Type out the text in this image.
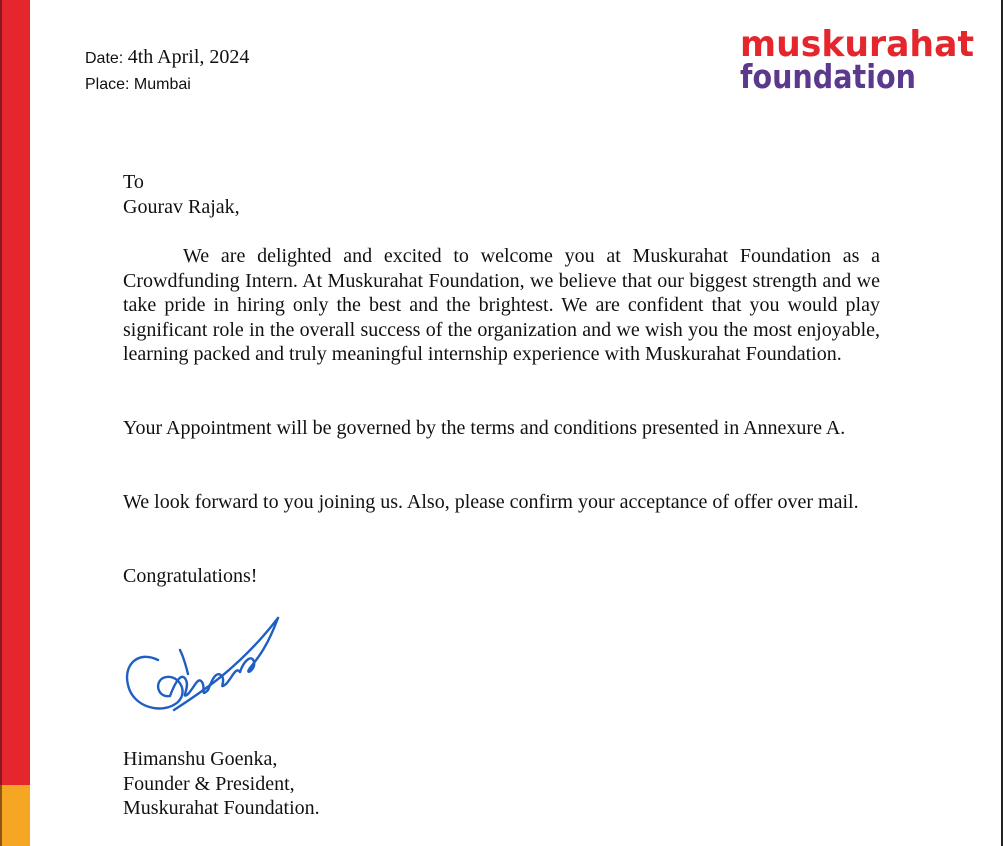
Date: 4th April, 2024
Place: Mumbai
muskurahat
foundation
To
Gourav Rajak,
We are delighted and excited to welcome you at Muskurahat Foundation as a Crowdfunding Intern. At Muskurahat Foundation, we believe that our biggest strength and we take pride in hiring only the best and the brightest. We are confident that you would play significant role in the overall success of the organization and we wish you the most enjoyable, learning packed and truly meaningful internship experience with Muskurahat Foundation.
Your Appointment will be governed by the terms and conditions presented in Annexure A.
We look forward to you joining us. Also, please confirm your acceptance of offer over mail.
Congratulations!
Himanshu Goenka,
Founder & President,
Muskurahat Foundation.
